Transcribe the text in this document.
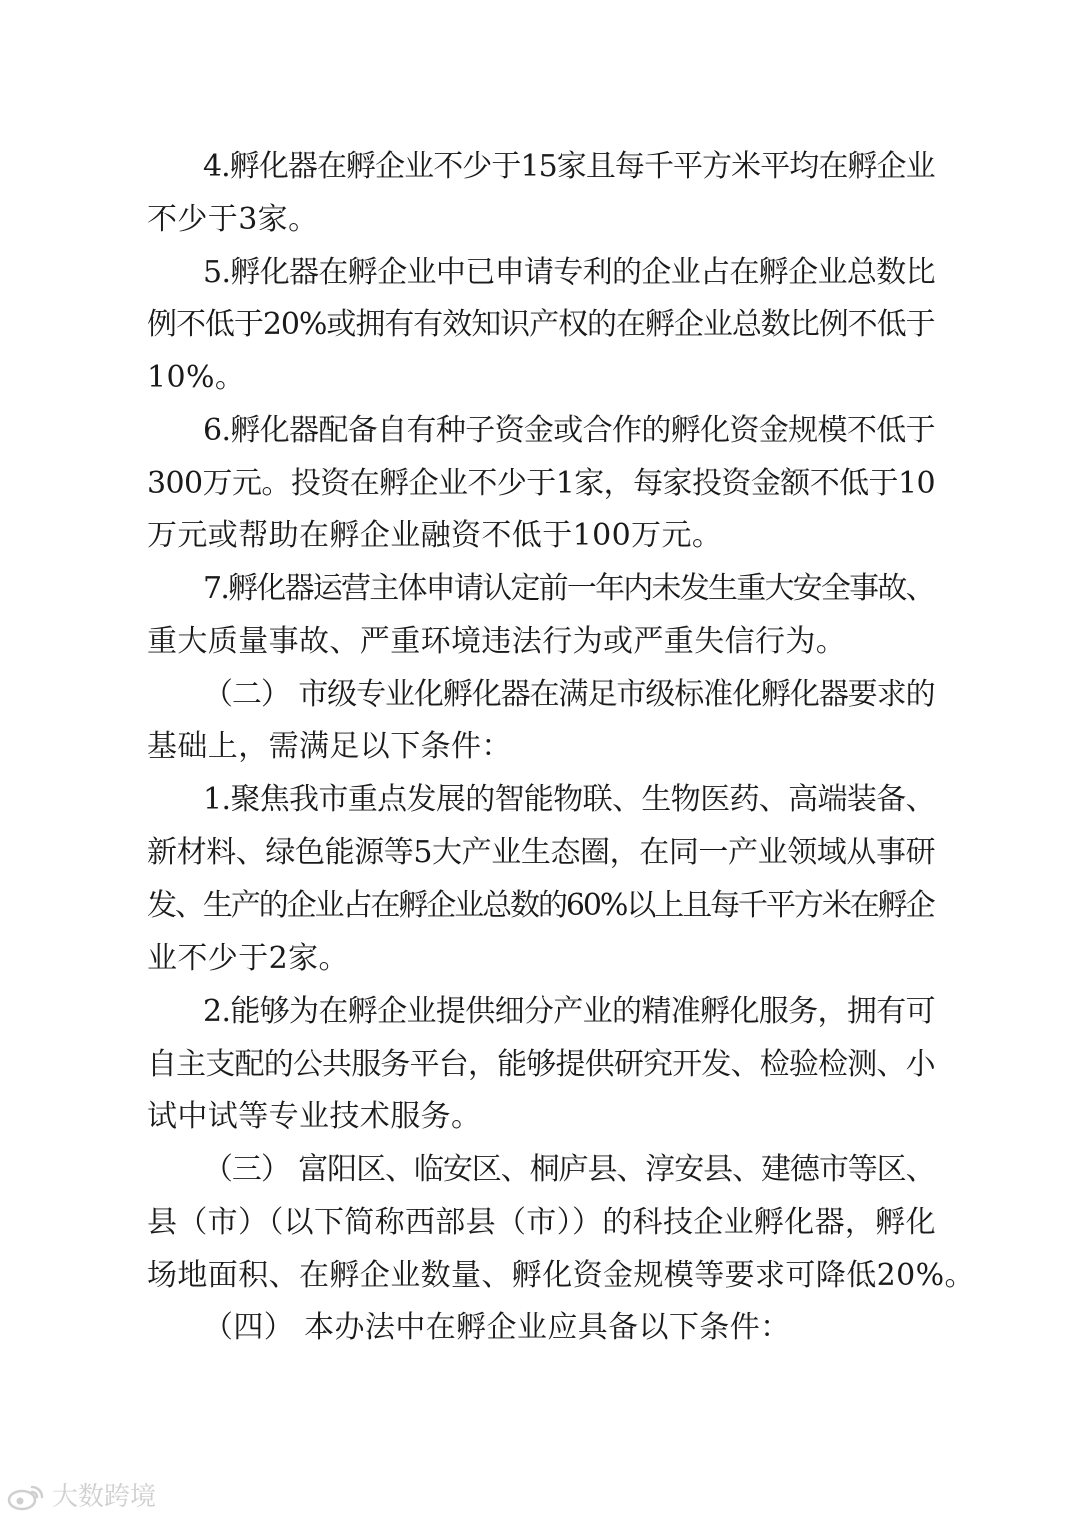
4.孵化器在孵企业不少于15家且每千平方米平均在孵企业
不少于3家。
5.孵化器在孵企业中已申请专利的企业占在孵企业总数比
例不低于20%或拥有有效知识产权的在孵企业总数比例不低于
10%。
6.孵化器配备自有种子资金或合作的孵化资金规模不低于
300万元。投资在孵企业不少于1家，每家投资金额不低于10
万元或帮助在孵企业融资不低于100万元。
7.孵化器运营主体申请认定前一年内未发生重大安全事故、
重大质量事故、严重环境违法行为或严重失信行为。
（二） 市级专业化孵化器在满足市级标准化孵化器要求的
基础上，需满足以下条件：
1.聚焦我市重点发展的智能物联、生物医药、高端装备、
新材料、绿色能源等5大产业生态圈，在同一产业领域从事研
发、生产的企业占在孵企业总数的60%以上且每千平方米在孵企
业不少于2家。
2.能够为在孵企业提供细分产业的精准孵化服务，拥有可
自主支配的公共服务平台，能够提供研究开发、检验检测、小
试中试等专业技术服务。
（三） 富阳区、临安区、桐庐县、淳安县、建德市等区、
县（市）（以下简称西部县（市））的科技企业孵化器，孵化
场地面积、在孵企业数量、孵化资金规模等要求可降低20%。
（四） 本办法中在孵企业应具备以下条件：
大数跨境
